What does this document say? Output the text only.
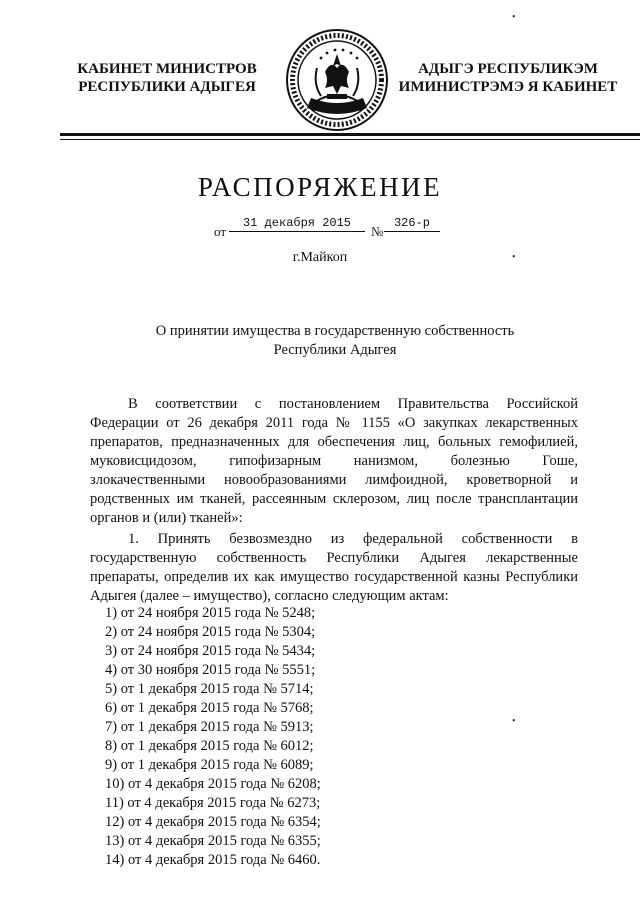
КАБИНЕТ МИНИСТРОВ
РЕСПУБЛИКИ АДЫГЕЯ
АДЫГЭ РЕСПУБЛИКЭМ
ИМИНИСТРЭМЭ Я КАБИНЕТ
РАСПОРЯЖЕНИЕ
от
31 декабря 2015
№
326-р
г.Майкоп
О принятии имущества в государственную собственность
Республики Адыгея
В соответствии с постановлением Правительства Российской Федерации от 26 декабря 2011 года № 1155 «О закупках лекарственных препаратов, предназначенных для обеспечения лиц, больных гемофилией, муковисцидозом, гипофизарным нанизмом, болезнью Гоше, злокачественными новообразованиями лимфоидной, кроветворной и родственных им тканей, рассеянным склерозом, лиц после трансплантации органов и (или) тканей»:
1. Принять безвозмездно из федеральной собственности в государственную собственность Республики Адыгея лекарственные препараты, определив их как имущество государственной казны Республики Адыгея (далее – имущество), согласно следующим актам:
1) от 24 ноября 2015 года № 5248;
2) от 24 ноября 2015 года № 5304;
3) от 24 ноября 2015 года № 5434;
4) от 30 ноября 2015 года № 5551;
5) от 1 декабря 2015 года № 5714;
6) от 1 декабря 2015 года № 5768;
7) от 1 декабря 2015 года № 5913;
8) от 1 декабря 2015 года № 6012;
9) от 1 декабря 2015 года № 6089;
10) от 4 декабря 2015 года № 6208;
11) от 4 декабря 2015 года № 6273;
12) от 4 декабря 2015 года № 6354;
13) от 4 декабря 2015 года № 6355;
14) от 4 декабря 2015 года № 6460.
•
•
•
